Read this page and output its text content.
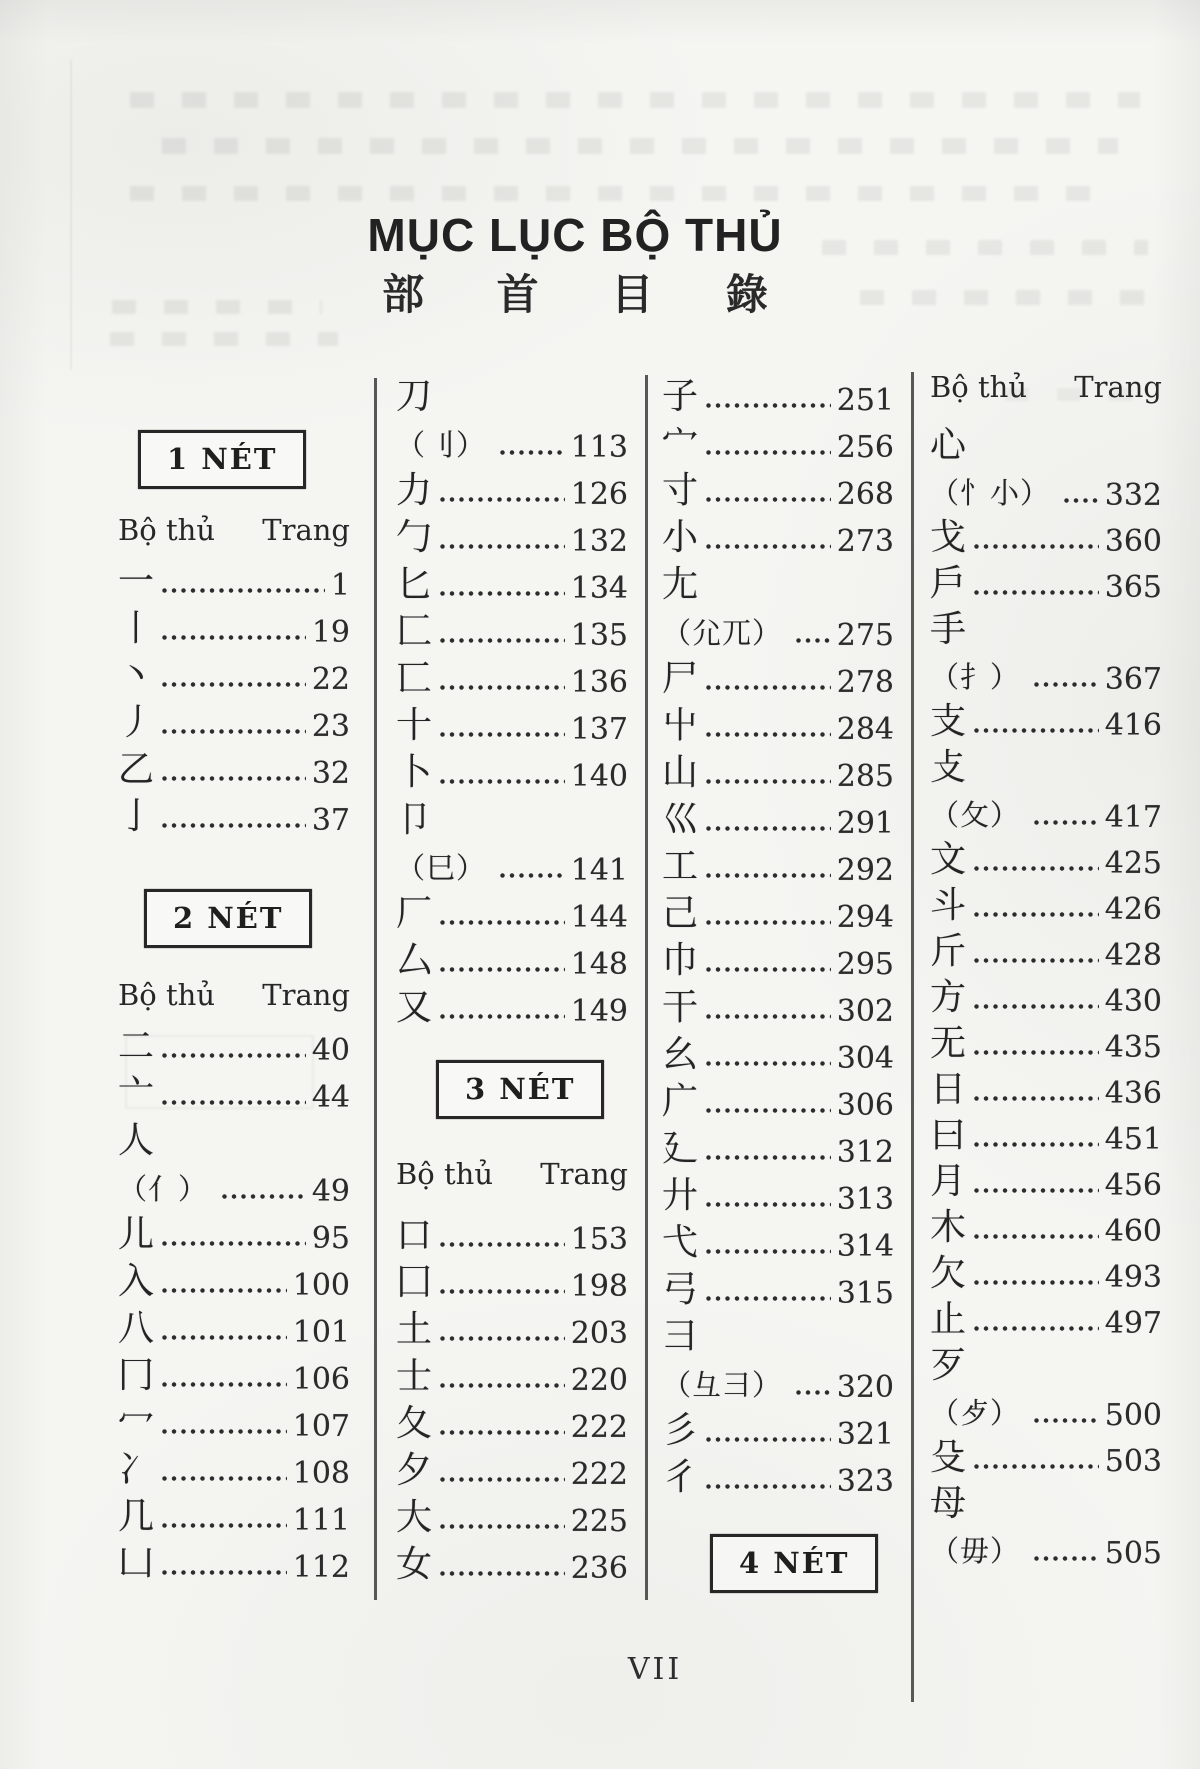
MỤC LỤC BỘ THỦ
部 首 目 錄
1 NÉT
Bộ thủ Trang
一	1
丨	19
丶	22
丿	23
乙	32
亅	37
2 NÉT
Bộ thủ Trang
二	40
亠	44
人
（亻）	49
儿	95
入	100
八	101
冂	106
冖	107
冫	108
几	111
凵	112
刀
（刂）	113
力	126
勹	132
匕	134
匚	135
匸	136
十	137
卜	140
卩
（巳）	141
厂	144
厶	148
又	149
3 NÉT
Bộ thủ Trang
口	153
囗	198
土	203
士	220
夂	222
夕	222
大	225
女	236
子	251
宀	256
寸	268
小	273
尢
（尣兀） 275
尸	278
屮	284
山	285
巛	291
工	292
己	294
巾	295
干	302
幺	304
广	306
廴	312
廾	313
弋	314
弓	315
彐
（彑⺕） 320
彡	321
彳	323
4 NÉT
Bộ thủ Trang
心
（忄小） 332
戈	360
戶	365
手
（扌）	367
支	416
攴
（攵）	417
文	425
斗	426
斤	428
方	430
无	435
日	436
曰	451
月	456
木	460
欠	493
止	497
歹
（歺）	500
殳	503
母
（毋）	505
VII
